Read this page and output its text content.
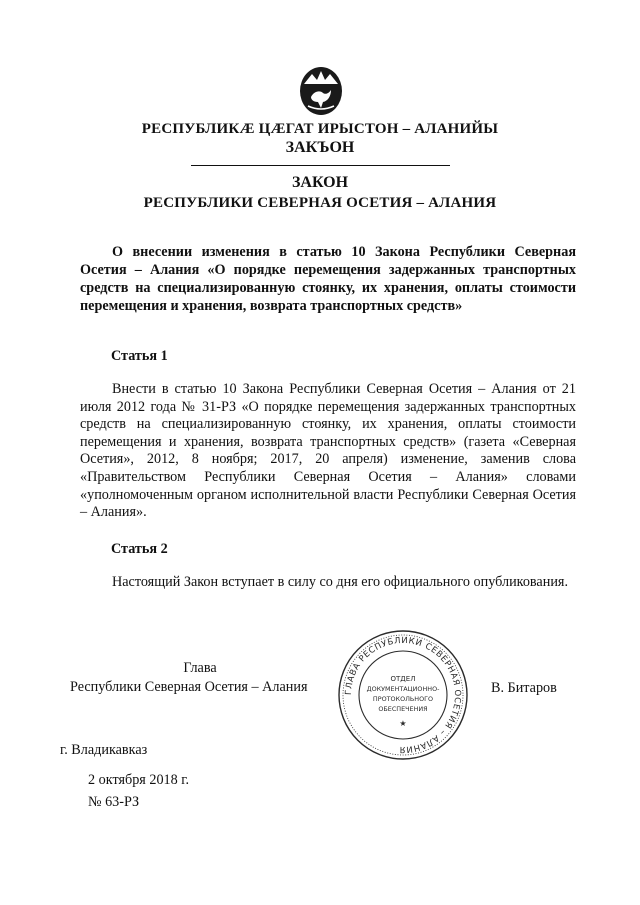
РЕСПУБЛИКӔ ЦӔГАТ ИРЫСТОН – АЛАНИЙЫ
ЗАКЪОН
ЗАКОН
РЕСПУБЛИКИ СЕВЕРНАЯ ОСЕТИЯ – АЛАНИЯ
О внесении изменения в статью 10 Закона Республики Северная Осетия – Алания «О порядке перемещения задержанных транспортных средств на специализированную стоянку, их хранения, оплаты стоимости перемещения и хранения, возврата транспортных средств»
Статья 1
Внести в статью 10 Закона Республики Северная Осетия – Алания от 21 июля 2012 года № 31-РЗ «О порядке перемещения задержанных транспортных средств на специализированную стоянку, их хранения, оплаты стоимости перемещения и хранения, возврата транспортных средств» (газета «Северная Осетия», 2012, 8 ноября; 2017, 20 апреля) изменение, заменив слова «Правительством Республики Северная Осетия – Алания» словами «уполномоченным органом исполнительной власти Республики Северная Осетия – Алания».
Статья 2
Настоящий Закон вступает в силу со дня его официального опубликования.
Глава
Республики Северная Осетия – Алания	В. Битаров
ГЛАВА РЕСПУБЛИКИ СЕВЕРНАЯ ОСЕТИЯ – АЛАНИЯ
ОТДЕЛ
ДОКУМЕНТАЦИОННО-
ПРОТОКОЛЬНОГО
ОБЕСПЕЧЕНИЯ
★
г. Владикавказ
2 октября 2018 г.
№ 63-РЗ
